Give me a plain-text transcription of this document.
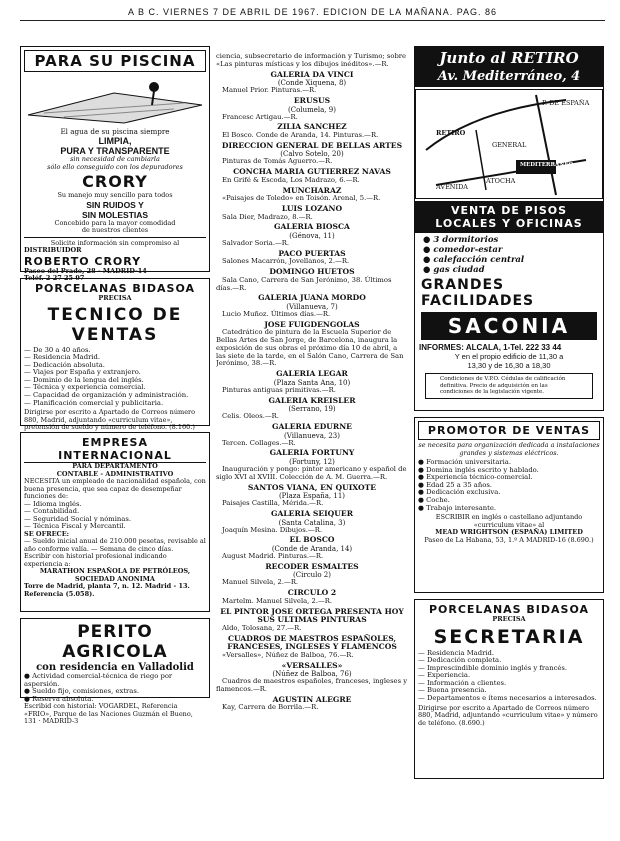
A B C. VIERNES 7 DE ABRIL DE 1967. EDICION DE LA MAÑANA. PAG. 86
PARA SU PISCINA
El agua de su piscina siempre
LIMPIA,
PURA Y TRANSPARENTE
sin necesidad de cambiarla
sólo ello conseguido con los depuradores
CRORY
Su manejo muy sencillo para todos
SIN RUIDOS Y
SIN MOLESTIAS
Concebido para la mayor comodidad
de nuestros clientes
Solicite información sin compromiso al
DISTRIBUIDOR
ROBERTO CRORY
Paseo del Prado, 28 - MADRID-14
Teléf. 2 27 25 97
PORCELANAS BIDASOA
PRECISA
TECNICO DE VENTAS
— De 30 a 40 años.
— Residencia Madrid.
— Dedicación absoluta.
— Viajes por España y extranjero.
— Dominio de la lengua del inglés.
— Técnica y experiencia comercial.
— Capacidad de organización y administración.
— Planificación comercial y publicitaria.
Dirigirse por escrito a Apartado de Correos número 880, Madrid, adjuntando «curriculum vitae», pretensión de sueldo y número de teléfono. (8.160.)
EMPRESA INTERNACIONAL
PARA DEPARTAMENTO
CONTABLE - ADMINISTRATIVO
NECESITA un empleado de nacionalidad española, con buena presencia, que sea capaz de desempeñar funciones de:
— Idioma inglés.
— Contabilidad.
— Seguridad Social y nóminas.
— Técnica Fiscal y Mercantil.
SE OFRECE:
— Sueldo inicial anual de 210.000 pesetas, revisable al año conforme valía. — Semana de cinco días.
Escribir con historial profesional indicando experiencia a:
MARATHON ESPAÑOLA DE PETRÓLEOS, SOCIEDAD ANONIMA
Torre de Madrid, planta 7, n. 12. Madrid - 13. Referencia (5.058).
PERITO AGRICOLA
con residencia en Valladolid
● Actividad comercial-técnica de riego por aspersión.
● Sueldo fijo, comisiones, extras.
● Reserva absoluta.
Escribid con historial: VOGARDEL, Referencia «FRIO», Parque de las Naciones Guzmán el Bueno, 131 · MADRID-3
ciencia, subsecretario de información y Turismo; sobre «Las pinturas místicas y los dibujos inéditos».—R.
GALERIA DA VINCI
(Conde Xiquena, 8)
Manuel Prior. Pinturas.—R.
ERUSUS
(Columela, 9)
Francesc Artigau.—R.
ZILIA SANCHEZ
El Bosco. Conde de Aranda, 14. Pinturas.—R.
DIRECCION GENERAL DE BELLAS ARTES
(Calvo Sotelo, 20)
Pinturas de Tomás Aguerro.—R.
CONCHA MARIA GUTIERREZ NAVAS
En Grifé & Escoda, Los Madrazo, 6.—R.
MUNCHARAZ
«Paisajes de Toledo» en Toisón. Arenal, 5.—R.
LUIS LOZANO
Sala Dier, Madrazo, 8.—R.
GALERIA BIOSCA
(Génova, 11)
Salvador Soria.—R.
PACO PUERTAS
Salones Macarrón, Jovellanos, 2.—R.
DOMINGO HUETOS
Sala Cano, Carrera de San Jerónimo, 38. Últimos días.—R.
GALERIA JUANA MORDO
(Villanueva, 7)
Lucio Muñoz. Últimos días.—R.
JOSE FUIGDENGOLAS
Catedrático de pintura de la Escuela Superior de Bellas Artes de San Jorge, de Barcelona, inaugura la exposición de sus obras el próximo día 10 de abril, a las siete de la tarde, en el Salón Cano, Carrera de San Jerónimo, 38.—R.
GALERIA LEGAR
(Plaza Santa Ana, 10)
Pinturas antiguas primitivas.—R.
GALERIA KREISLER
(Serrano, 19)
Celis. Oleos.—R.
GALERIA EDURNE
(Villanueva, 23)
Tercen. Collages.—R.
GALERIA FORTUNY
(Fortuny, 12)
Inauguración y pongo: pintor americano y español de siglo XVI al XVIII. Colección de A. M. Guerra.—R.
SANTOS VIANA, EN QUIXOTE
(Plaza España, 11)
Paisajes Castilla, Mérida.—R.
GALERIA SEIQUER
(Santa Catalina, 3)
Joaquín Mesina. Dibujos.—R.
EL BOSCO
(Conde de Aranda, 14)
August Madrid. Pinturas.—R.
RECODER ESMALTES
(Circulo 2)
Manuel Silvela, 2.—R.
CIRCULO 2
Martelm. Manuel Silvela, 2.—R.
EL PINTOR JOSE ORTEGA PRESENTA HOY SUS ULTIMAS PINTURAS
Aldo, Tolosana, 27.—R.
CUADROS DE MAESTROS ESPAÑOLES, FRANCESES, INGLESES Y FLAMENCOS
«Versalles», Núñez de Balboa, 76.—R.
«VERSALLES»
(Núñez de Balboa, 76)
Cuadros de maestros españoles, franceses, ingleses y flamencos.—R.
AGUSTIN ALEGRE
Kay, Carrera de Borrila.—R.
Junto al RETIRO
Av. Mediterráneo, 4
RETIRO
AVENIDA
MEDITERRANEO
P. DE ESPAÑA
GENERAL
ATOCHA
VENTA DE PISOS LOCALES Y OFICINAS
● 3 dormitorios
● comedor-estar
● calefacción central
● gas ciudad
GRANDES FACILIDADES
SACONIA
INFORMES: ALCALA, 1-Tel. 222 33 44
Y en el propio edificio de 11,30 a 13,30 y de 16,30 a 18,30
Condiciones de V.P.O. Cédulas de calificación definitiva. Precio de adquisición en las condiciones de la legislación vigente.
PROMOTOR DE VENTAS
se necesita para organización dedicada a instalaciones grandes y sistemas eléctricos.
● Formación universitaria.
● Domina inglés escrito y hablado.
● Experiencia técnico-comercial.
● Edad 25 a 35 años.
● Dedicación exclusiva.
● Coche.
● Trabajo interesante.
ESCRIBIR en inglés o castellano adjuntando «curriculum vitae» al
MEAD WRIGHTSON (ESPAÑA) LIMITED
Paseo de La Habana, 53, 1.º A MADRID-16 (8.690.)
PORCELANAS BIDASOA
PRECISA
SECRETARIA
— Residencia Madrid.
— Dedicación completa.
— Imprescindible dominio inglés y francés.
— Experiencia.
— Información a clientes.
— Buena presencia.
— Departamentos e ítems necesarios a interesados.
Dirigirse por escrito a Apartado de Correos número 880, Madrid, adjuntando «curriculum vitae» y número de teléfono. (8.690.)
